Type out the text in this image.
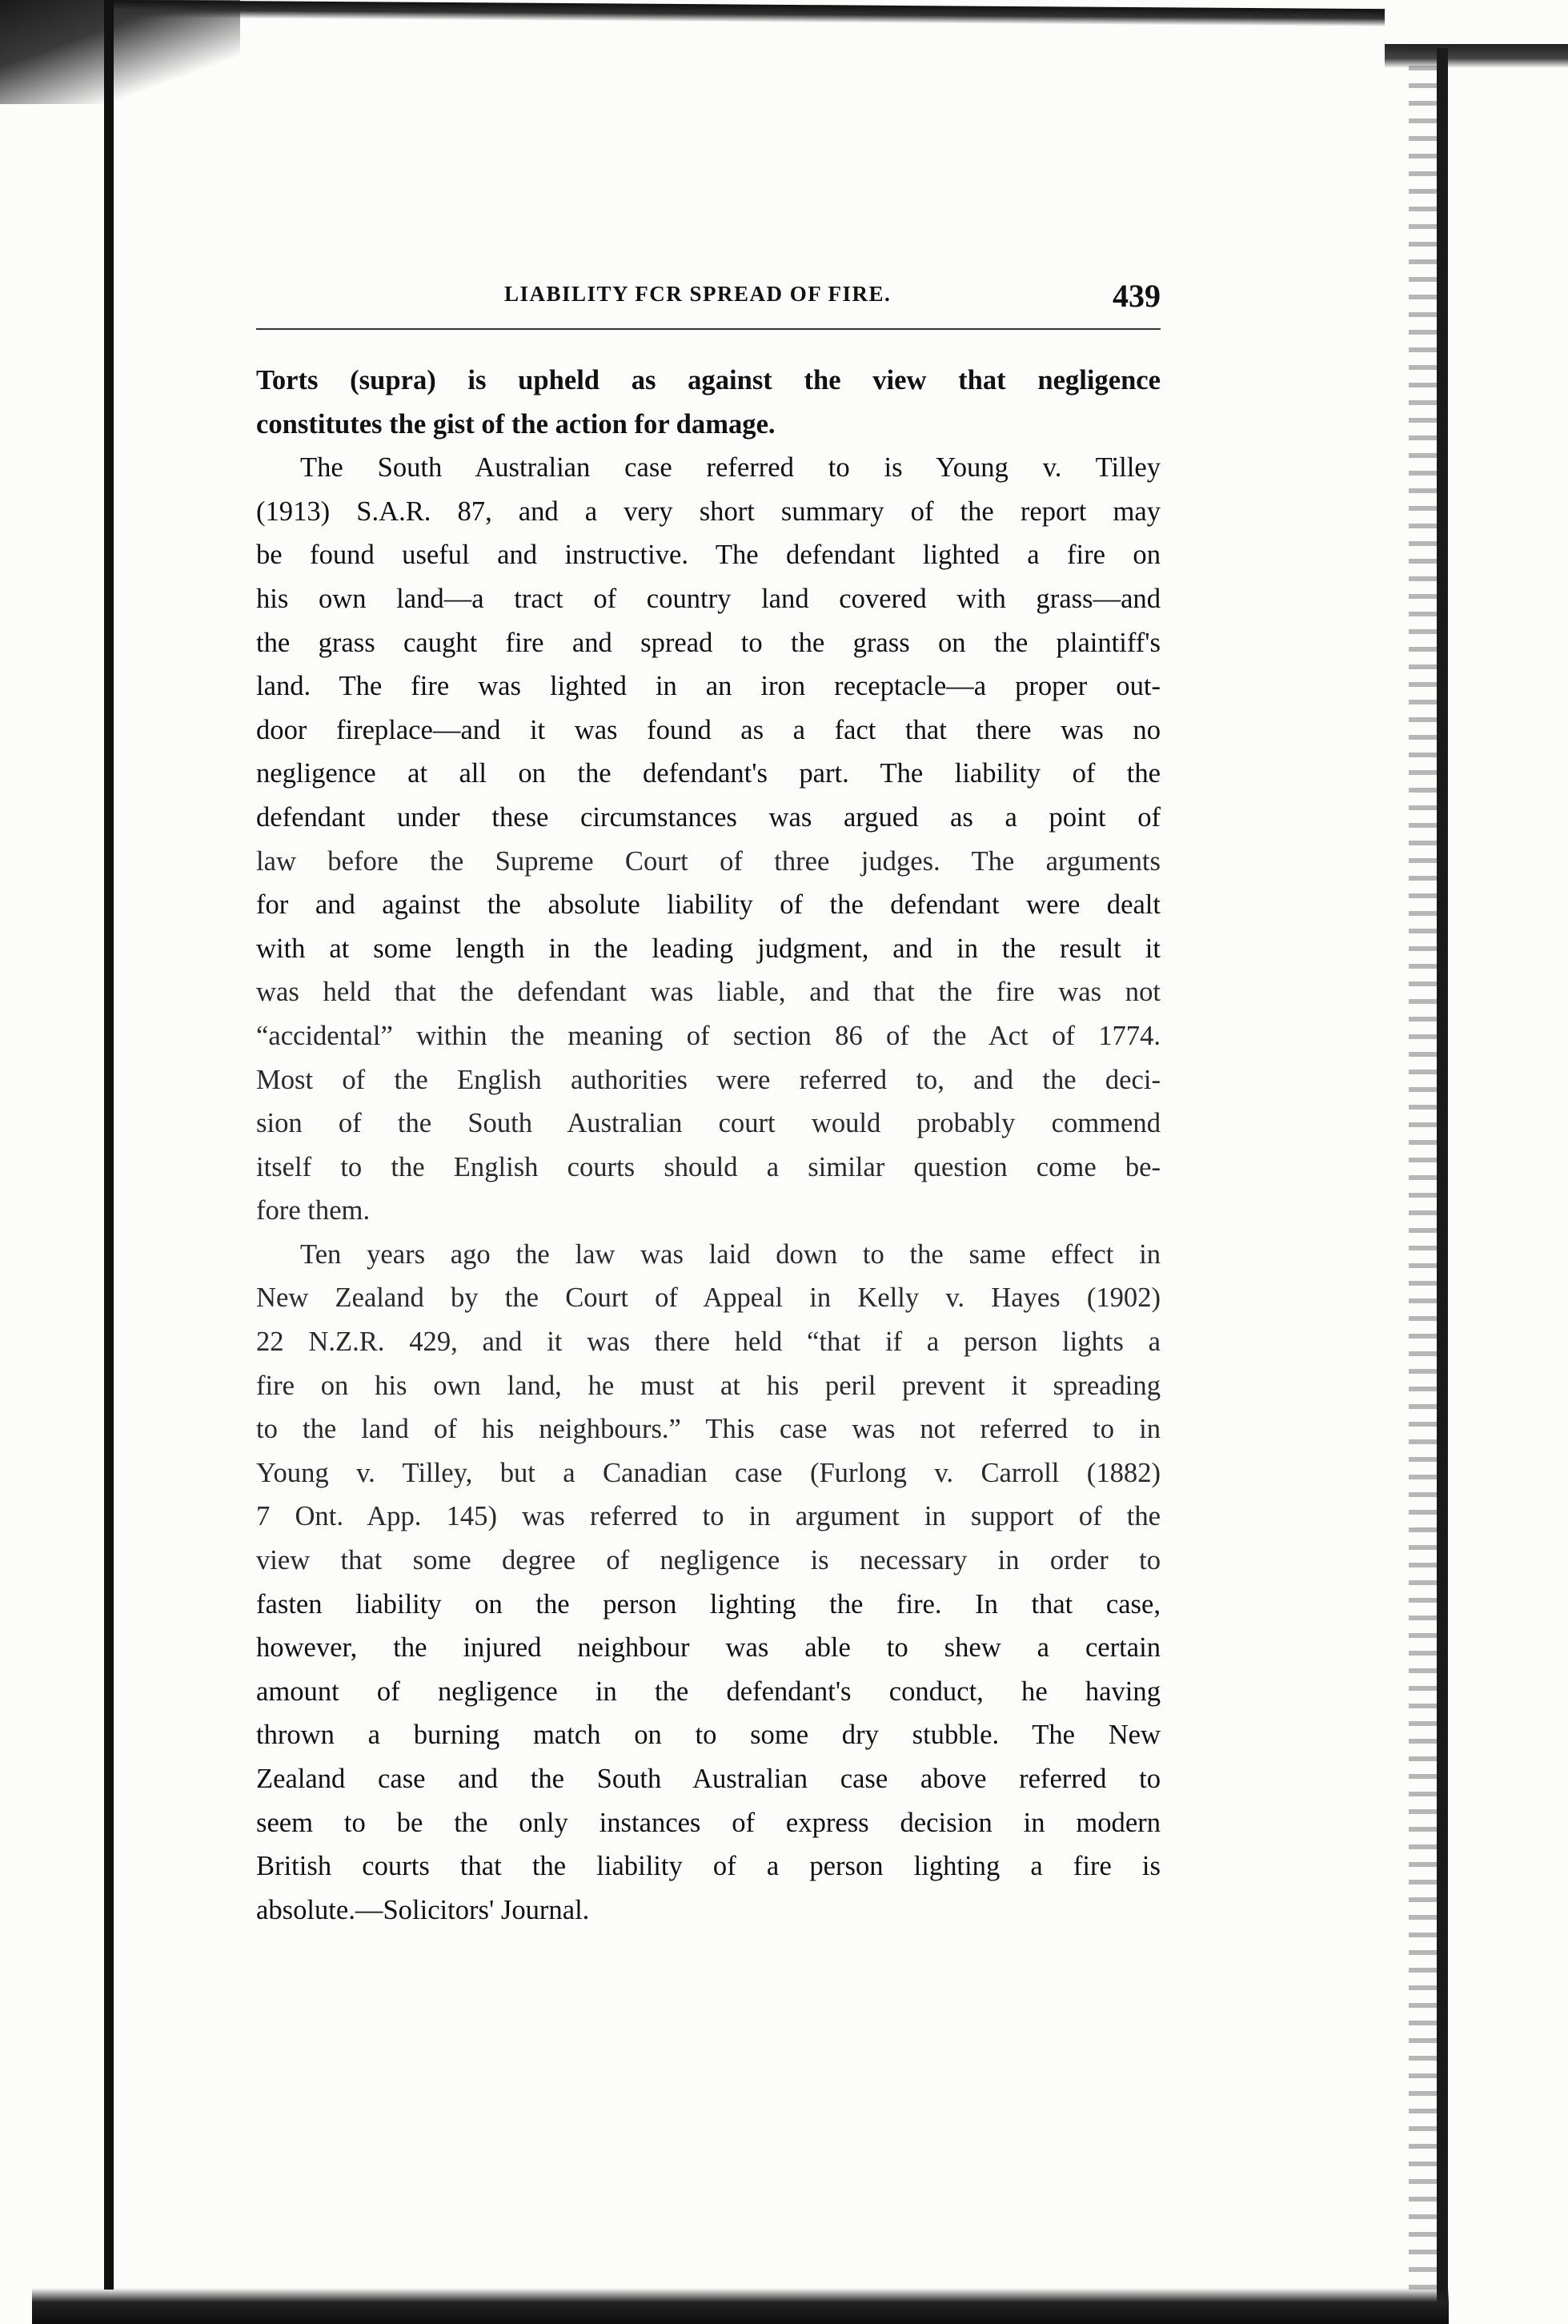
LIABILITY FCR SPREAD OF FIRE.	439
Torts (supra) is upheld as against the view that negligence
constitutes the gist of the action for damage.
The South Australian case referred to is Young v. Tilley
(1913) S.A.R. 87, and a very short summary of the report may
be found useful and instructive. The defendant lighted a fire on
his own land—a tract of country land covered with grass—and
the grass caught fire and spread to the grass on the plaintiff's
land. The fire was lighted in an iron receptacle—a proper out-
door fireplace—and it was found as a fact that there was no
negligence at all on the defendant's part. The liability of the
defendant under these circumstances was argued as a point of
law before the Supreme Court of three judges. The arguments
for and against the absolute liability of the defendant were dealt
with at some length in the leading judgment, and in the result it
was held that the defendant was liable, and that the fire was not
“accidental” within the meaning of section 86 of the Act of 1774.
Most of the English authorities were referred to, and the deci-
sion of the South Australian court would probably commend
itself to the English courts should a similar question come be-
fore them.
Ten years ago the law was laid down to the same effect in
New Zealand by the Court of Appeal in Kelly v. Hayes (1902)
22 N.Z.R. 429, and it was there held “that if a person lights a
fire on his own land, he must at his peril prevent it spreading
to the land of his neighbours.” This case was not referred to in
Young v. Tilley, but a Canadian case (Furlong v. Carroll (1882)
7 Ont. App. 145) was referred to in argument in support of the
view that some degree of negligence is necessary in order to
fasten liability on the person lighting the fire. In that case,
however, the injured neighbour was able to shew a certain
amount of negligence in the defendant's conduct, he having
thrown a burning match on to some dry stubble. The New
Zealand case and the South Australian case above referred to
seem to be the only instances of express decision in modern
British courts that the liability of a person lighting a fire is
absolute.—Solicitors' Journal.
